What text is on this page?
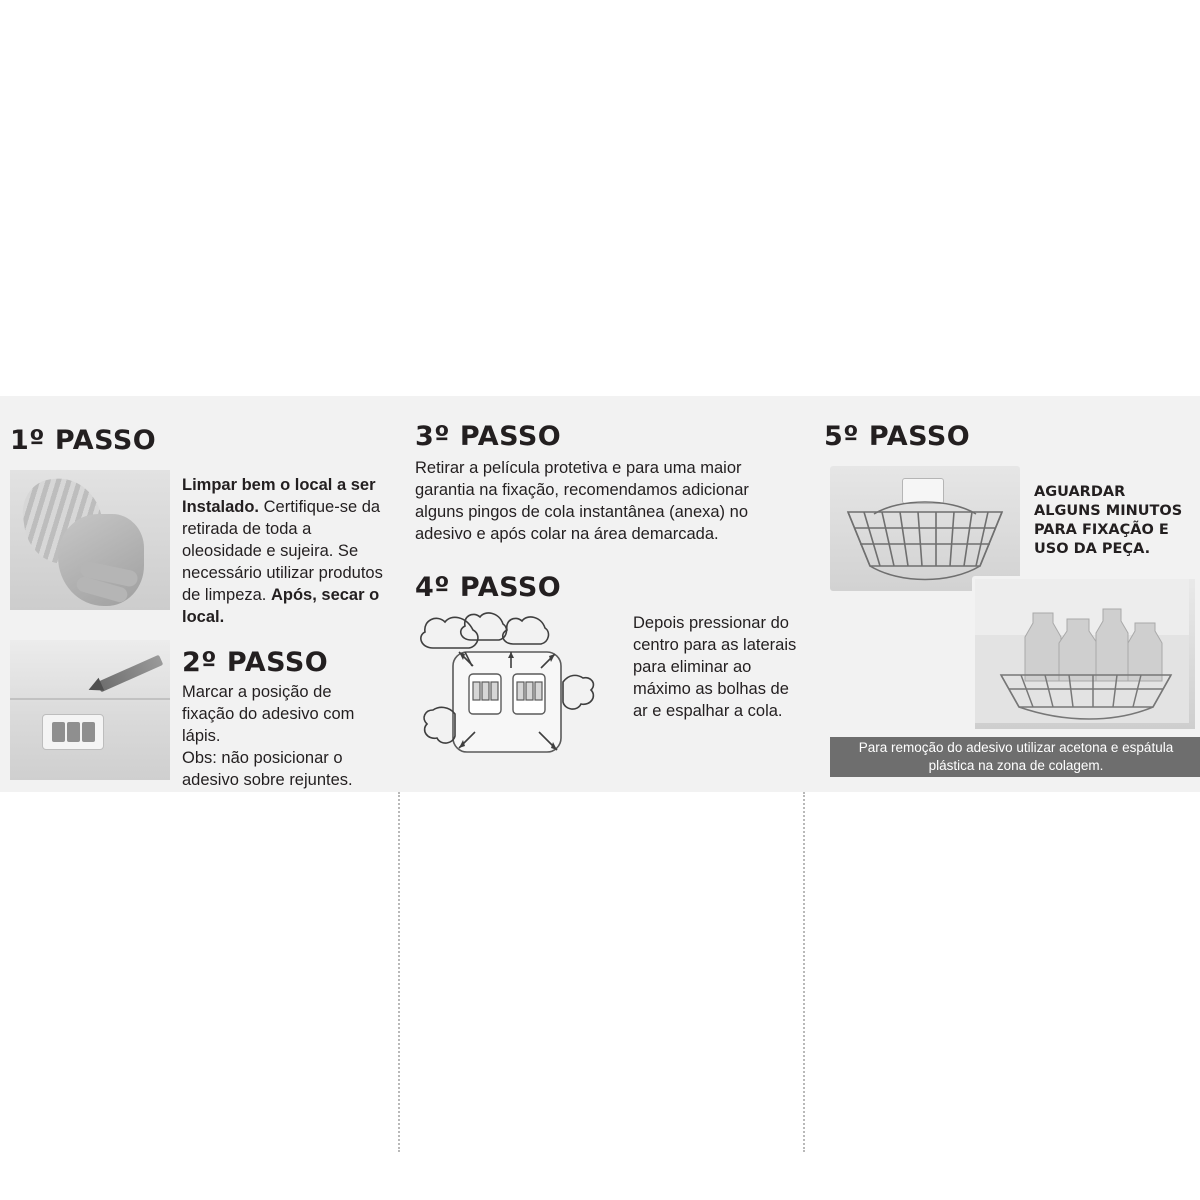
1º PASSO
Limpar bem o local a ser Instalado. Certifique-se da retirada de toda a oleosidade e sujeira. Se necessário utilizar produtos de limpeza. Após, secar o local.
2º PASSO
Marcar a posição de fixação do adesivo com lápis.
Obs: não posicionar o adesivo sobre rejuntes.
3º PASSO
Retirar a película protetiva e para uma maior garantia na fixação, recomendamos adicionar alguns pingos de cola instantânea (anexa) no adesivo e após colar na área demarcada.
4º PASSO
Depois pressionar do centro para as laterais para eliminar ao máximo as bolhas de ar e espalhar a cola.
5º PASSO
AGUARDAR ALGUNS MINUTOS PARA FIXAÇÃO E USO DA PEÇA.
Para remoção do adesivo utilizar acetona e espátula plástica na zona de colagem.
